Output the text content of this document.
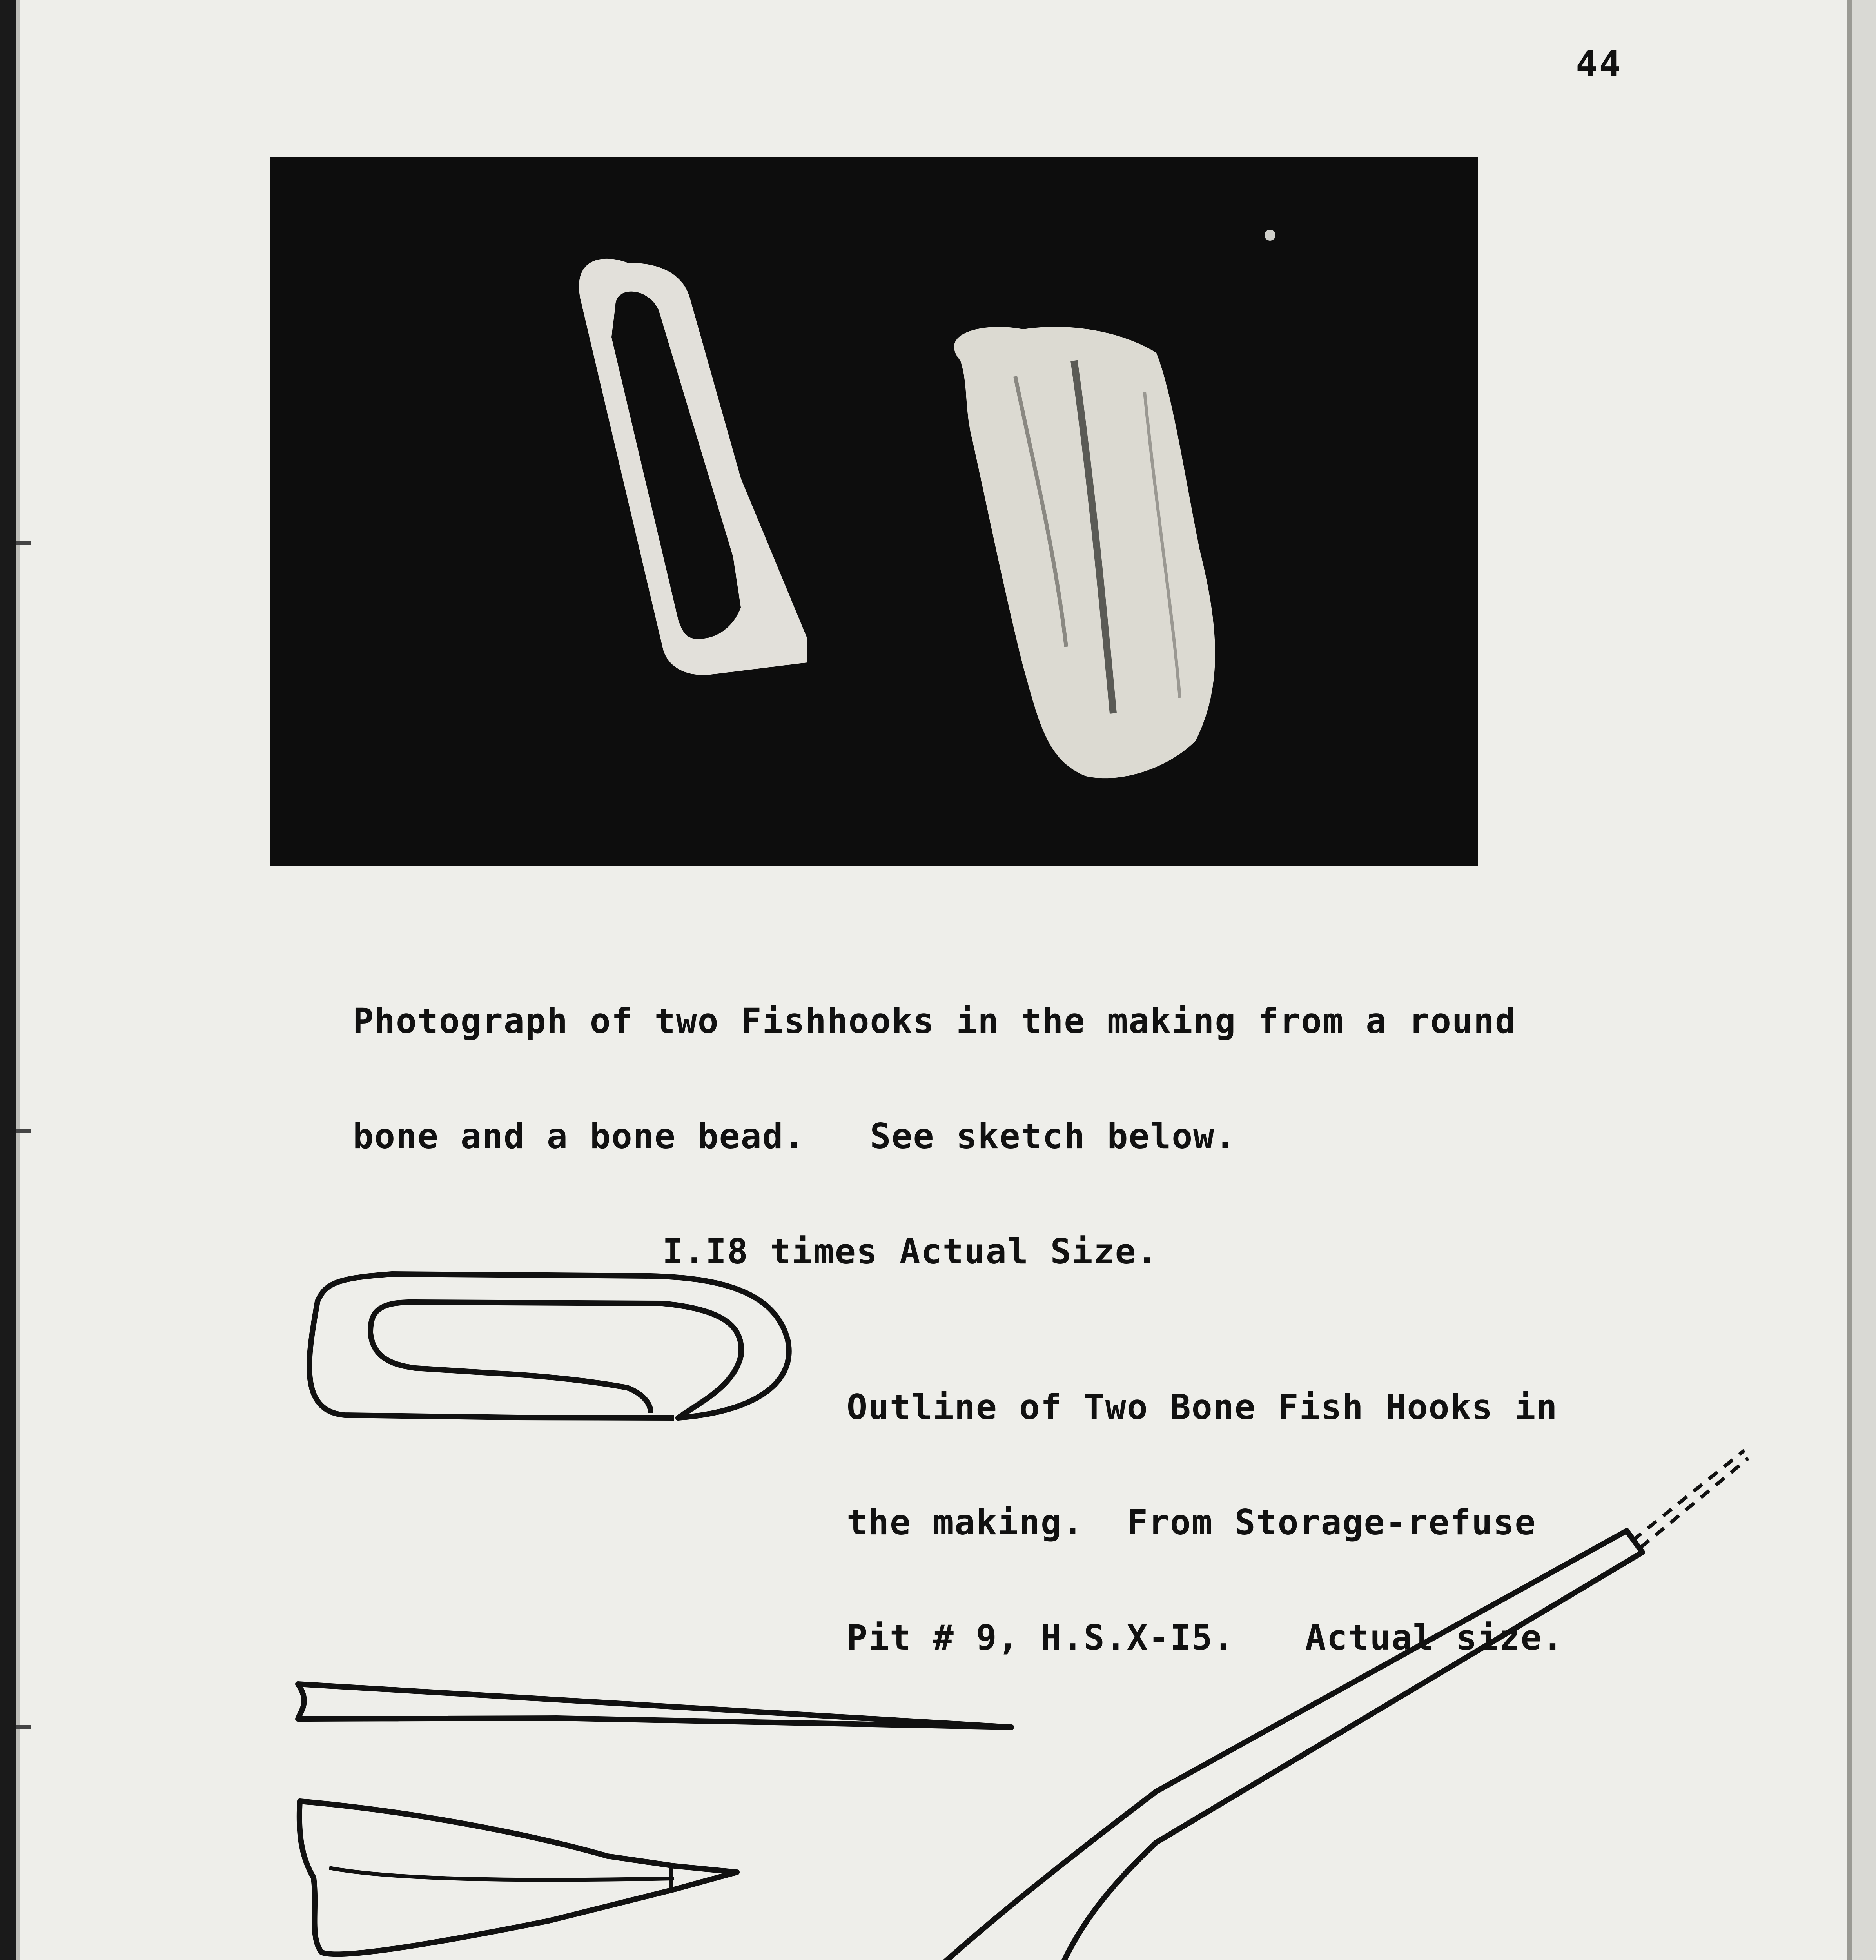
44

Photograph of two Fishhooks in the making from a round

bone and a bone bead.   See sketch below.

I.I8 times Actual Size.

Outline of Two Bone Fish Hooks in

the making.  From Storage-refuse

Pit # 9, H.S.X-I5. Actual size.
